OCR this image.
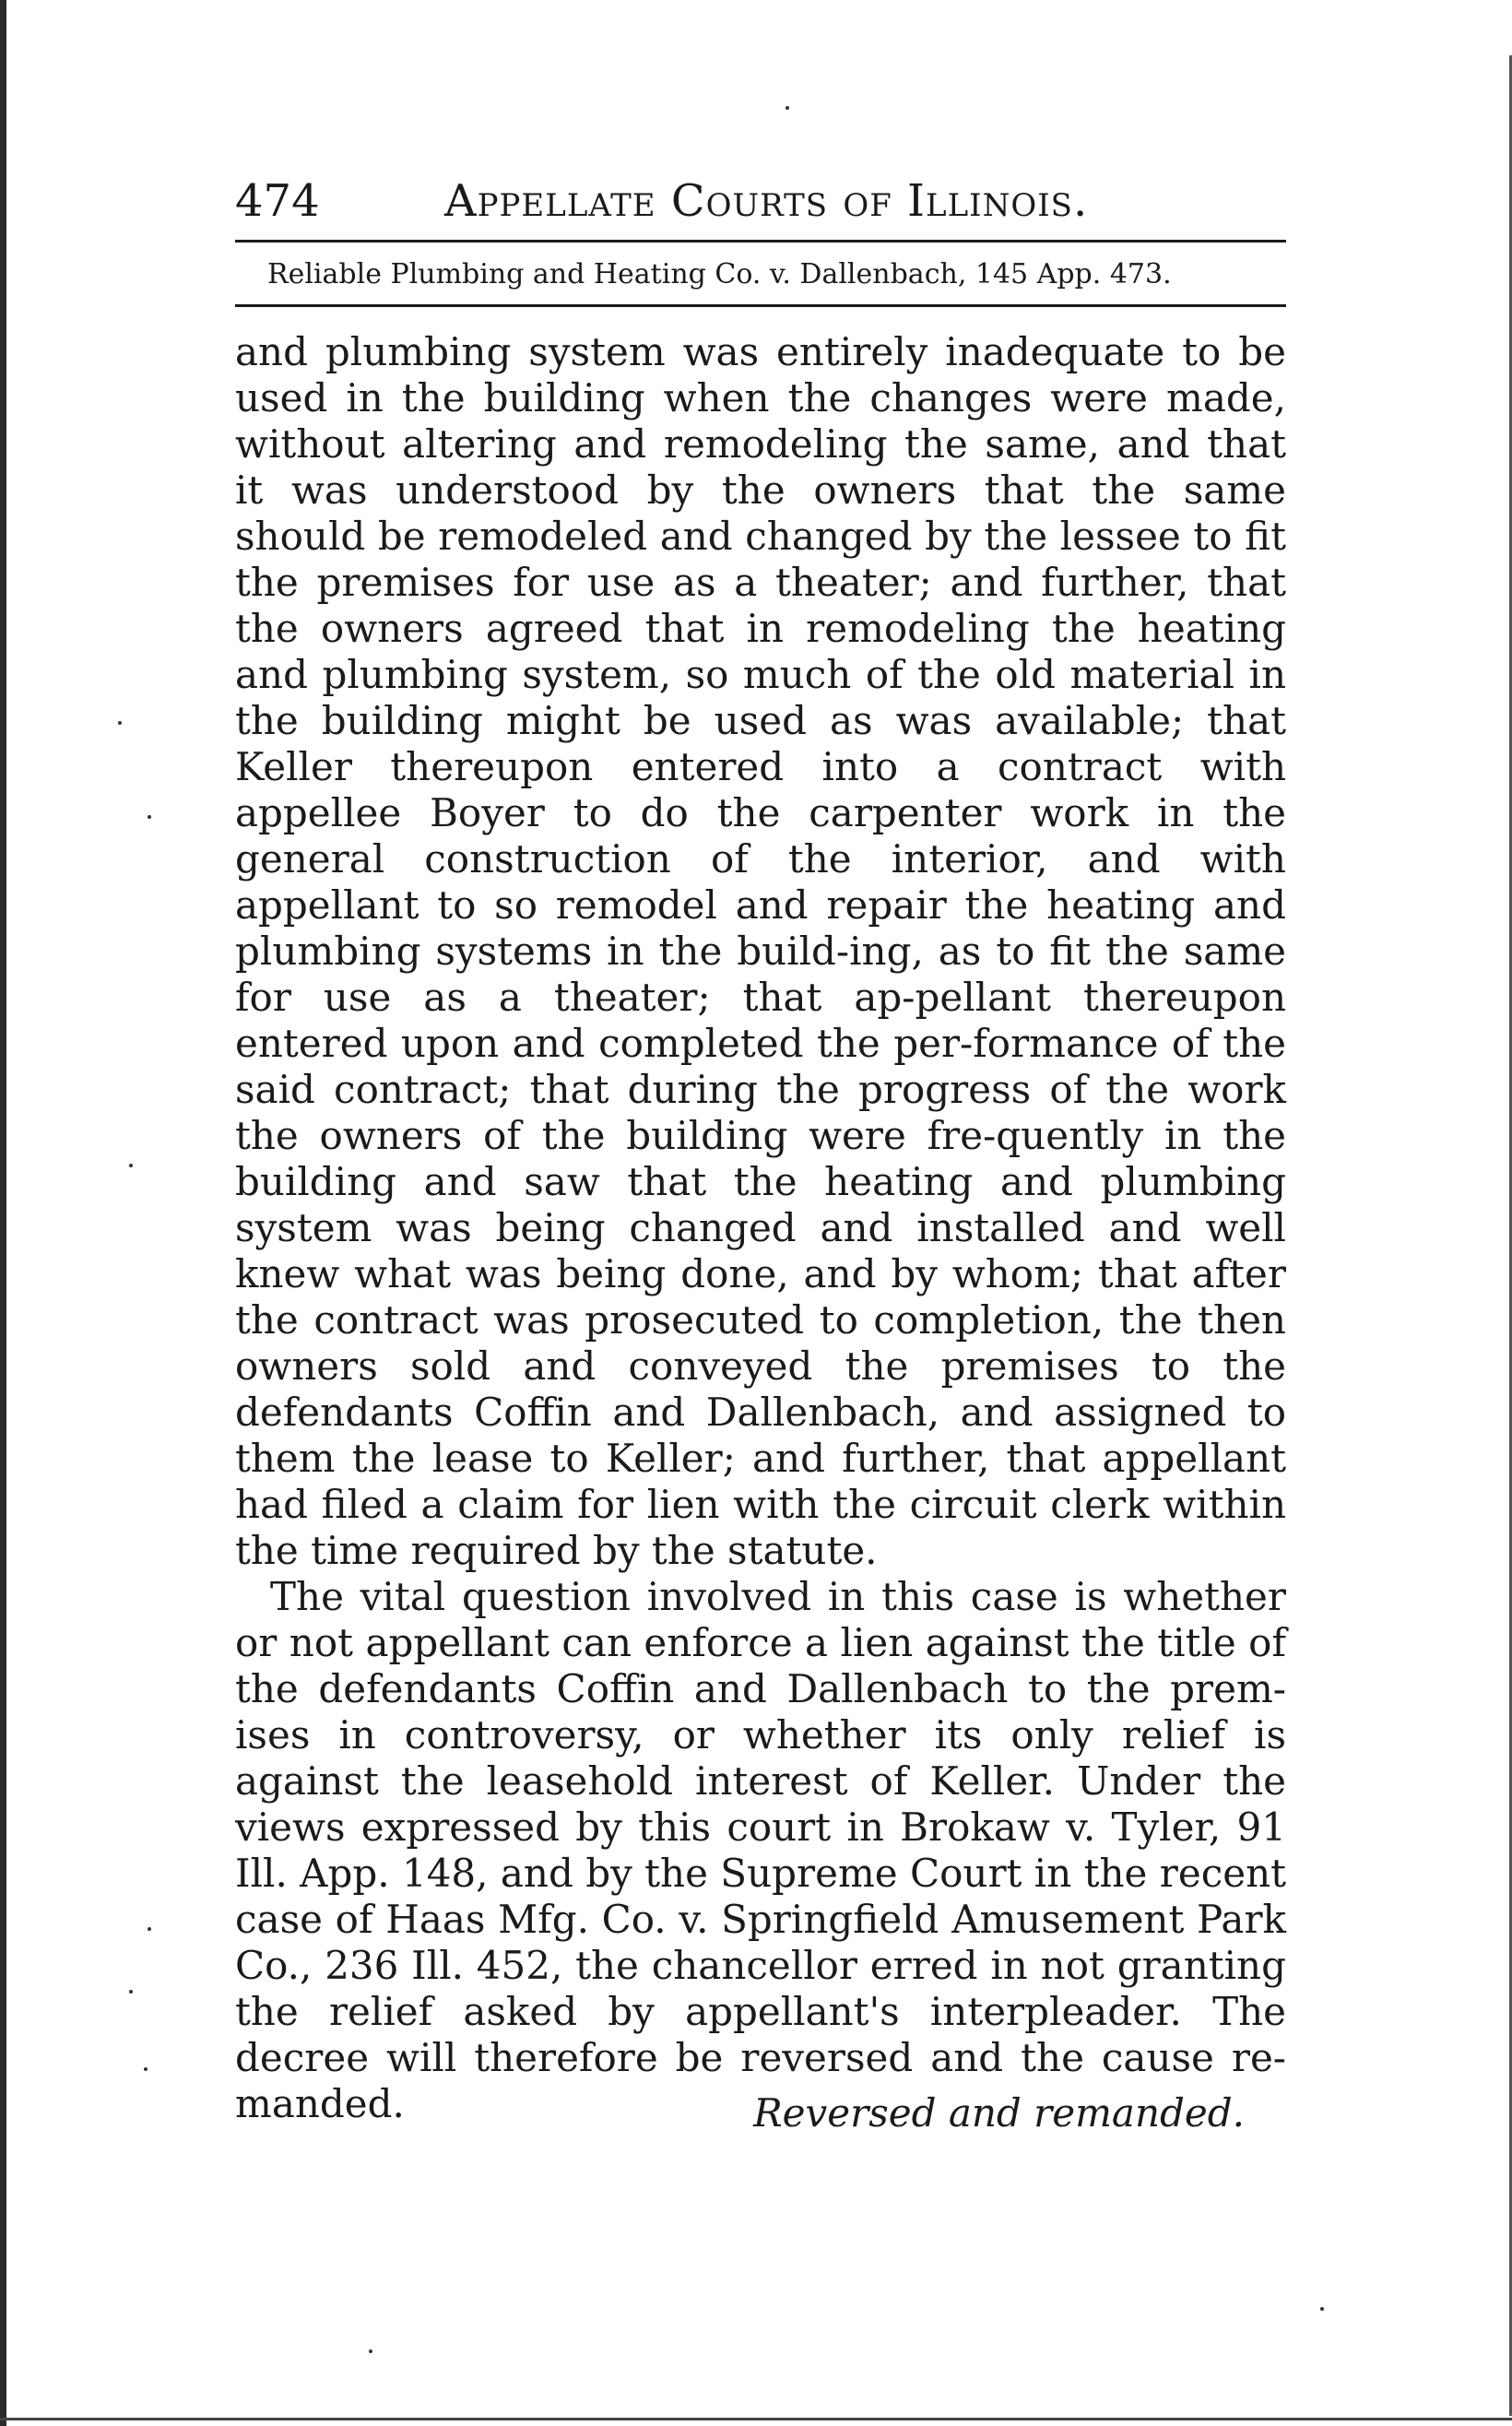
474	Appellate Courts of Illinois.
Reliable Plumbing and Heating Co. v. Dallenbach, 145 App. 473.

and plumbing system was entirely inadequate to be used in the building when the changes were made, without altering and remodeling the same, and that it was understood by the owners that the same should be remodeled and changed by the lessee to fit the premises for use as a theater; and further, that the owners agreed that in remodeling the heating and plumbing system, so much of the old material in the building might be used as was available; that Keller thereupon entered into a contract with appellee Boyer to do the carpenter work in the general construction of the interior, and with appellant to so remodel and repair the heating and plumbing systems in the build-ing, as to fit the same for use as a theater; that ap-pellant thereupon entered upon and completed the per-formance of the said contract; that during the progress of the work the owners of the building were fre-quently in the building and saw that the heating and plumbing system was being changed and installed and well knew what was being done, and by whom; that after the contract was prosecuted to completion, the then owners sold and conveyed the premises to the defendants Coffin and Dallenbach, and assigned to them the lease to Keller; and further, that appellant had filed a claim for lien with the circuit clerk within the time required by the statute.

The vital question involved in this case is whether or not appellant can enforce a lien against the title of the defendants Coffin and Dallenbach to the prem-ises in controversy, or whether its only relief is against the leasehold interest of Keller. Under the views expressed by this court in Brokaw v. Tyler, 91 Ill. App. 148, and by the Supreme Court in the recent case of Haas Mfg. Co. v. Springfield Amusement Park Co., 236 Ill. 452, the chancellor erred in not granting the relief asked by appellant's interpleader. The decree will therefore be reversed and the cause re-manded.	Reversed and remanded.
